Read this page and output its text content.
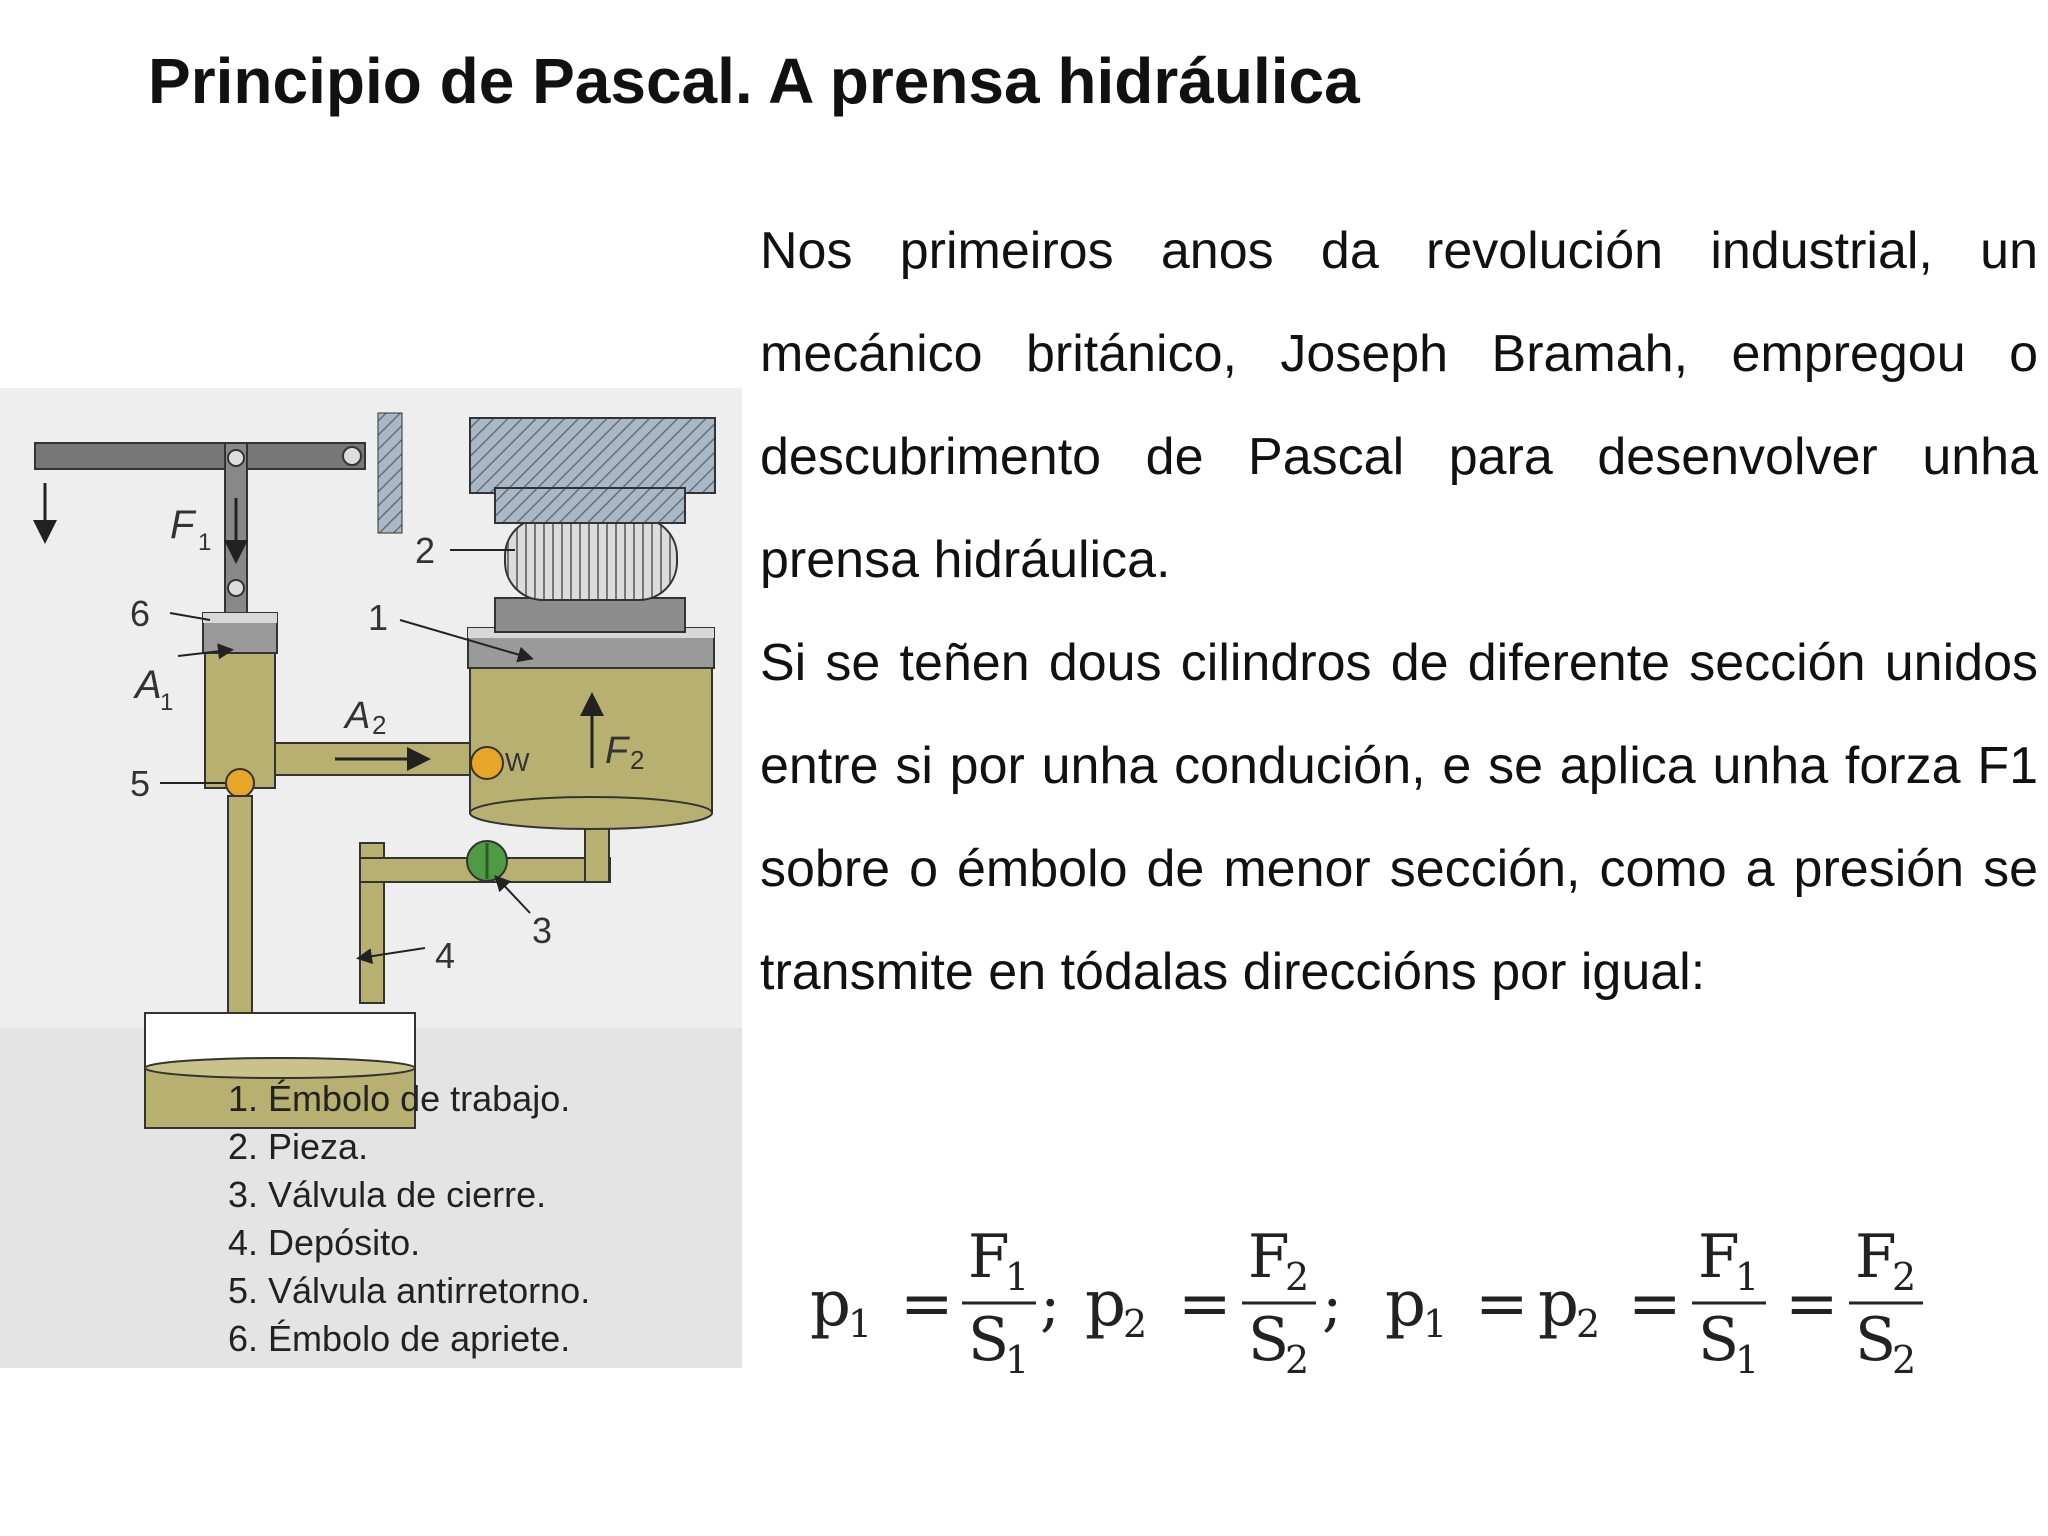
Principio de Pascal. A prensa hidráulica

Nos primeiros anos da revolución industrial, un mecánico británico, Joseph Bramah, empregou o descubrimento de Pascal para desenvolver unha prensa hidráulica.

Si se teñen dous cilindros de diferente sección unidos entre si por unha condución, e se aplica unha forza F1 sobre o émbolo de menor sección, como a presión se transmite en tódalas direccións por igual:

F 1
A
1	A 2
F 2
W
1
2
3
4
5
6
1. Émbolo de trabajo.
2. Pieza.
3. Válvula de cierre.
4. Depósito.
5. Válvula antirretorno.
6. Émbolo de apriete.	p
1 =
F
1
S
1
; p
2 =
F
2
S
2
; p
1 = p
2 =
F
1
S
1
=
F
2
S
2
